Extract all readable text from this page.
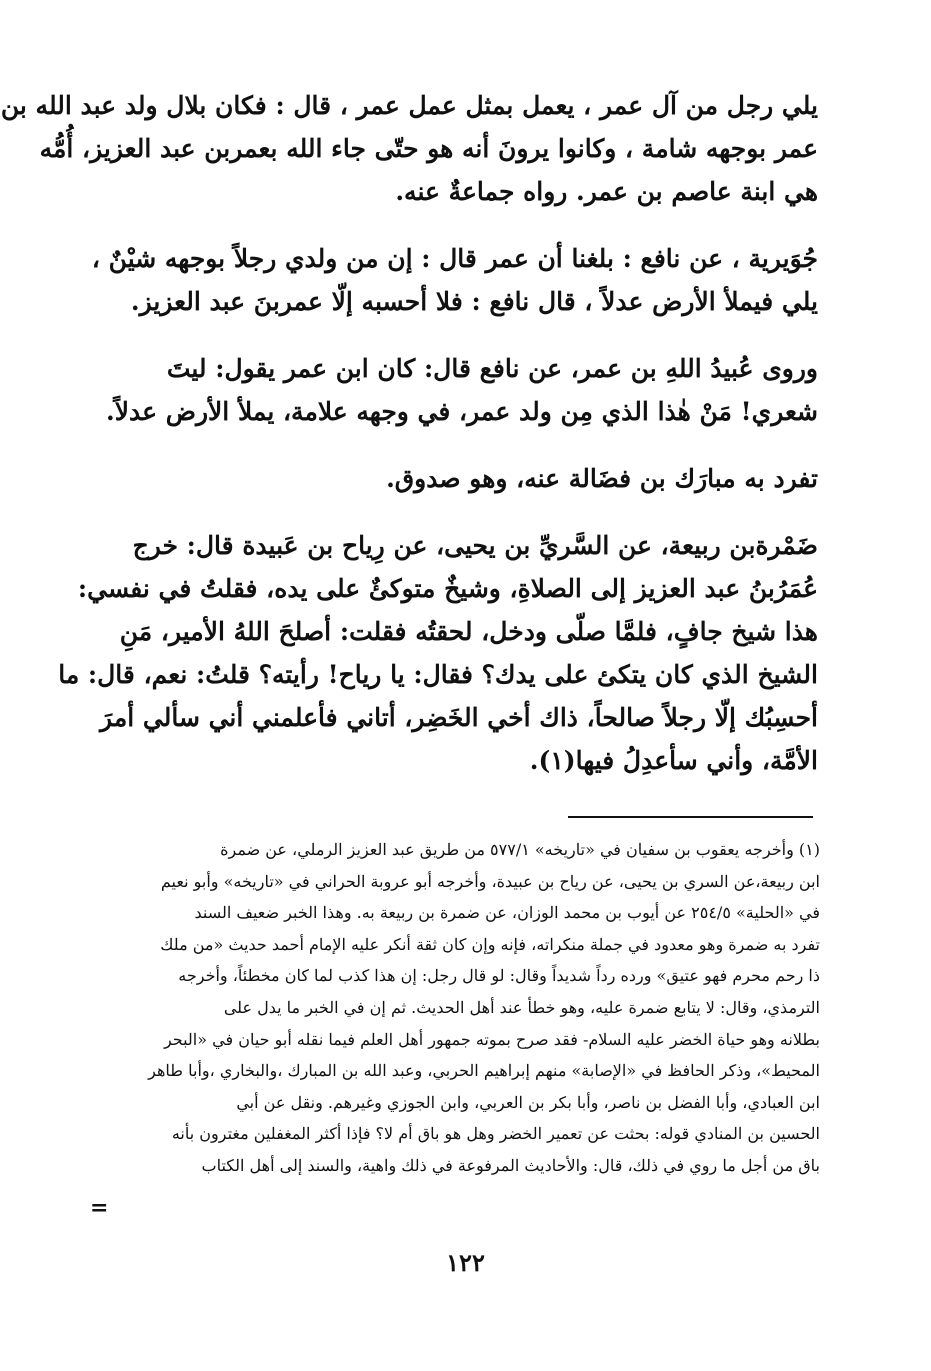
يلي رجل من آل عمر ، يعمل بمثل عمل عمر ، قال : فكان بلال ولد عبد الله بن
عمر بوجهه شامة ، وكانوا يرونَ أنه هو حتّى جاء الله بعمربن عبد العزيز، أُمُّه
هي ابنة عاصم بن عمر. رواه جماعةٌ عنه.
جُوَيرية ، عن نافع : بلغنا أن عمر قال : إن من ولدي رجلاً بوجهه شيْنٌ ،
يلي فيملأ الأرض عدلاً ، قال نافع : فلا أحسبه إلّا عمربنَ عبد العزيز.
وروى عُبيدُ اللهِ بن عمر، عن نافع قال: كان ابن عمر يقول: ليتَ
شعري! مَنْ هٰذا الذي مِن ولد عمر، في وجهه علامة، يملأ الأرض عدلاً.
تفرد به مبارَك بن فضَالة عنه، وهو صدوق.
ضَمْرةبن ربيعة، عن السَّريِّ بن يحيى، عن رِياح بن عَبيدة قال: خرج
عُمَرُبنُ عبد العزيز إلى الصلاةِ، وشيخٌ متوكئٌ على يده، فقلتُ في نفسي:
هذا شيخ جافٍ، فلمَّا صلّى ودخل، لحقتُه فقلت: أصلحَ اللهُ الأمير، مَنِ
الشيخ الذي كان يتكئ على يدك؟ فقال: يا رياح! رأيته؟ قلتُ: نعم، قال: ما
أحسِبُك إلّا رجلاً صالحاً، ذاك أخي الخَضِر، أتاني فأعلمني أني سألي أمرَ
الأمَّة، وأني سأعدِلُ فيها(١).
(١) وأخرجه يعقوب بن سفيان في «تاريخه» ٥٧٧/١ من طريق عبد العزيز الرملي، عن ضمرة
ابن ربيعة،عن السري بن يحيى، عن رياح بن عبيدة، وأخرجه أبو عروبة الحراني في «تاريخه» وأبو نعيم
في «الحلية» ٢٥٤/٥ عن أيوب بن محمد الوزان، عن ضمرة بن ربيعة به. وهذا الخبر ضعيف السند
تفرد به ضمرة وهو معدود في جملة منكراته، فإنه وإن كان ثقة أنكر عليه الإمام أحمد حديث «من ملك
ذا رحم محرم فهو عتيق» ورده رداً شديداً وقال: لو قال رجل: إن هذا كذب لما كان مخطئاً، وأخرجه
الترمذي، وقال: لا يتابع ضمرة عليه، وهو خطأ عند أهل الحديث. ثم إن في الخبر ما يدل على
بطلانه وهو حياة الخضر عليه السلام- فقد صرح بموته جمهور أهل العلم فيما نقله أبو حيان في «البحر
المحيط»، وذكر الحافظ في «الإصابة» منهم إبراهيم الحربي، وعبد الله بن المبارك ،والبخاري ،وأبا طاهر
ابن العبادي، وأبا الفضل بن ناصر، وأبا بكر بن العربي، وابن الجوزي وغيرهم. ونقل عن أبي
الحسين بن المنادي قوله: بحثت عن تعمير الخضر وهل هو باق أم لا؟ فإذا أكثر المغفلين مغترون بأنه
باق من أجل ما روي في ذلك، قال: والأحاديث المرفوعة في ذلك واهية، والسند إلى أهل الكتاب
=
١٢٢
